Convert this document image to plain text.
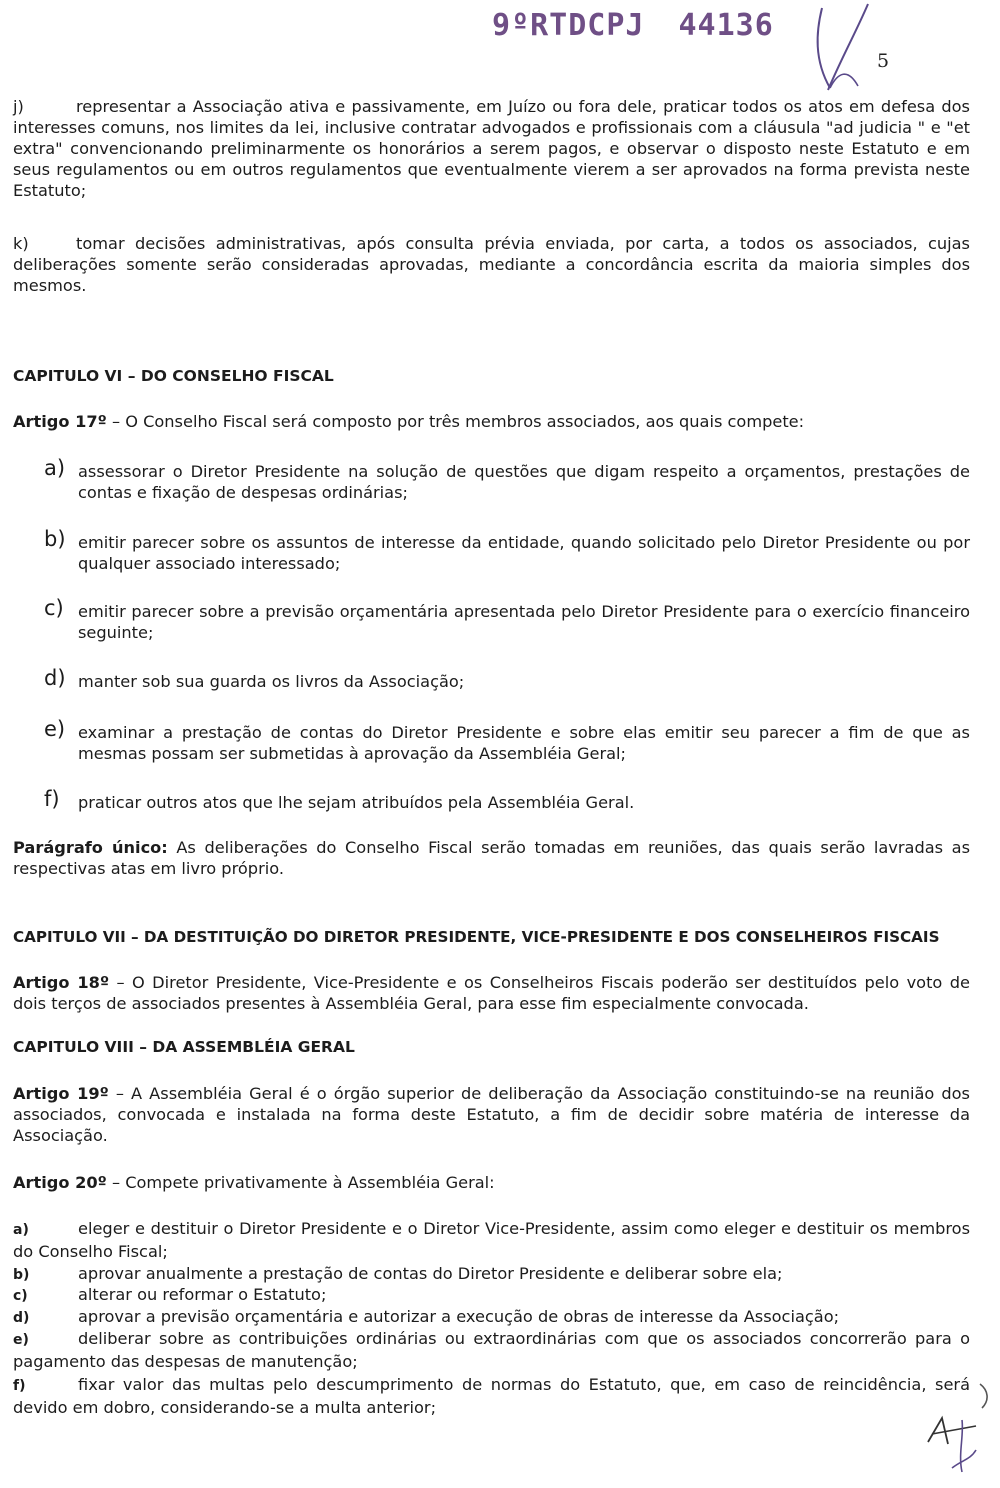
9ºRTDCPJ 44136
5
j)	representar a Associação ativa e passivamente, em Juízo ou fora dele, praticar todos os atos em defesa dos interesses comuns, nos limites da lei, inclusive contratar advogados e profissionais com a cláusula "ad judicia " e "et extra" convencionando preliminarmente os honorários a serem pagos, e observar o disposto neste Estatuto e em seus regulamentos ou em outros regulamentos que eventualmente vierem a ser aprovados na forma prevista neste Estatuto;
k)	tomar decisões administrativas, após consulta prévia enviada, por carta, a todos os associados, cujas deliberações somente serão consideradas aprovadas, mediante a concordância escrita da maioria simples dos mesmos.
CAPITULO VI – DO CONSELHO FISCAL
Artigo 17º – O Conselho Fiscal será composto por três membros associados, aos quais compete:
a) assessorar o Diretor Presidente na solução de questões que digam respeito a orçamentos, prestações de contas e fixação de despesas ordinárias;
b) emitir parecer sobre os assuntos de interesse da entidade, quando solicitado pelo Diretor Presidente ou por qualquer associado interessado;
c) emitir parecer sobre a previsão orçamentária apresentada pelo Diretor Presidente para o exercício financeiro seguinte;
d) manter sob sua guarda os livros da Associação;
e) examinar a prestação de contas do Diretor Presidente e sobre elas emitir seu parecer a fim de que as mesmas possam ser submetidas à aprovação da Assembléia Geral;
f) praticar outros atos que lhe sejam atribuídos pela Assembléia Geral.
Parágrafo único: As deliberações do Conselho Fiscal serão tomadas em reuniões, das quais serão lavradas as respectivas atas em livro próprio.
CAPITULO VII – DA DESTITUIÇÃO DO DIRETOR PRESIDENTE, VICE-PRESIDENTE E DOS CONSELHEIROS FISCAIS
Artigo 18º – O Diretor Presidente, Vice-Presidente e os Conselheiros Fiscais poderão ser destituídos pelo voto de dois terços de associados presentes à Assembléia Geral, para esse fim especialmente convocada.
CAPITULO VIII – DA ASSEMBLÉIA GERAL
Artigo 19º – A Assembléia Geral é o órgão superior de deliberação da Associação constituindo-se na reunião dos associados, convocada e instalada na forma deste Estatuto, a fim de decidir sobre matéria de interesse da Associação.
Artigo 20º – Compete privativamente à Assembléia Geral:
a)	eleger e destituir o Diretor Presidente e o Diretor Vice-Presidente, assim como eleger e destituir os membros do Conselho Fiscal;
b)	aprovar anualmente a prestação de contas do Diretor Presidente e deliberar sobre ela;
c)	alterar ou reformar o Estatuto;
d)	aprovar a previsão orçamentária e autorizar a execução de obras de interesse da Associação;
e)	deliberar sobre as contribuições ordinárias ou extraordinárias com que os associados concorrerão para o pagamento das despesas de manutenção;
f)	fixar valor das multas pelo descumprimento de normas do Estatuto, que, em caso de reincidência, será devido em dobro, considerando-se a multa anterior;
